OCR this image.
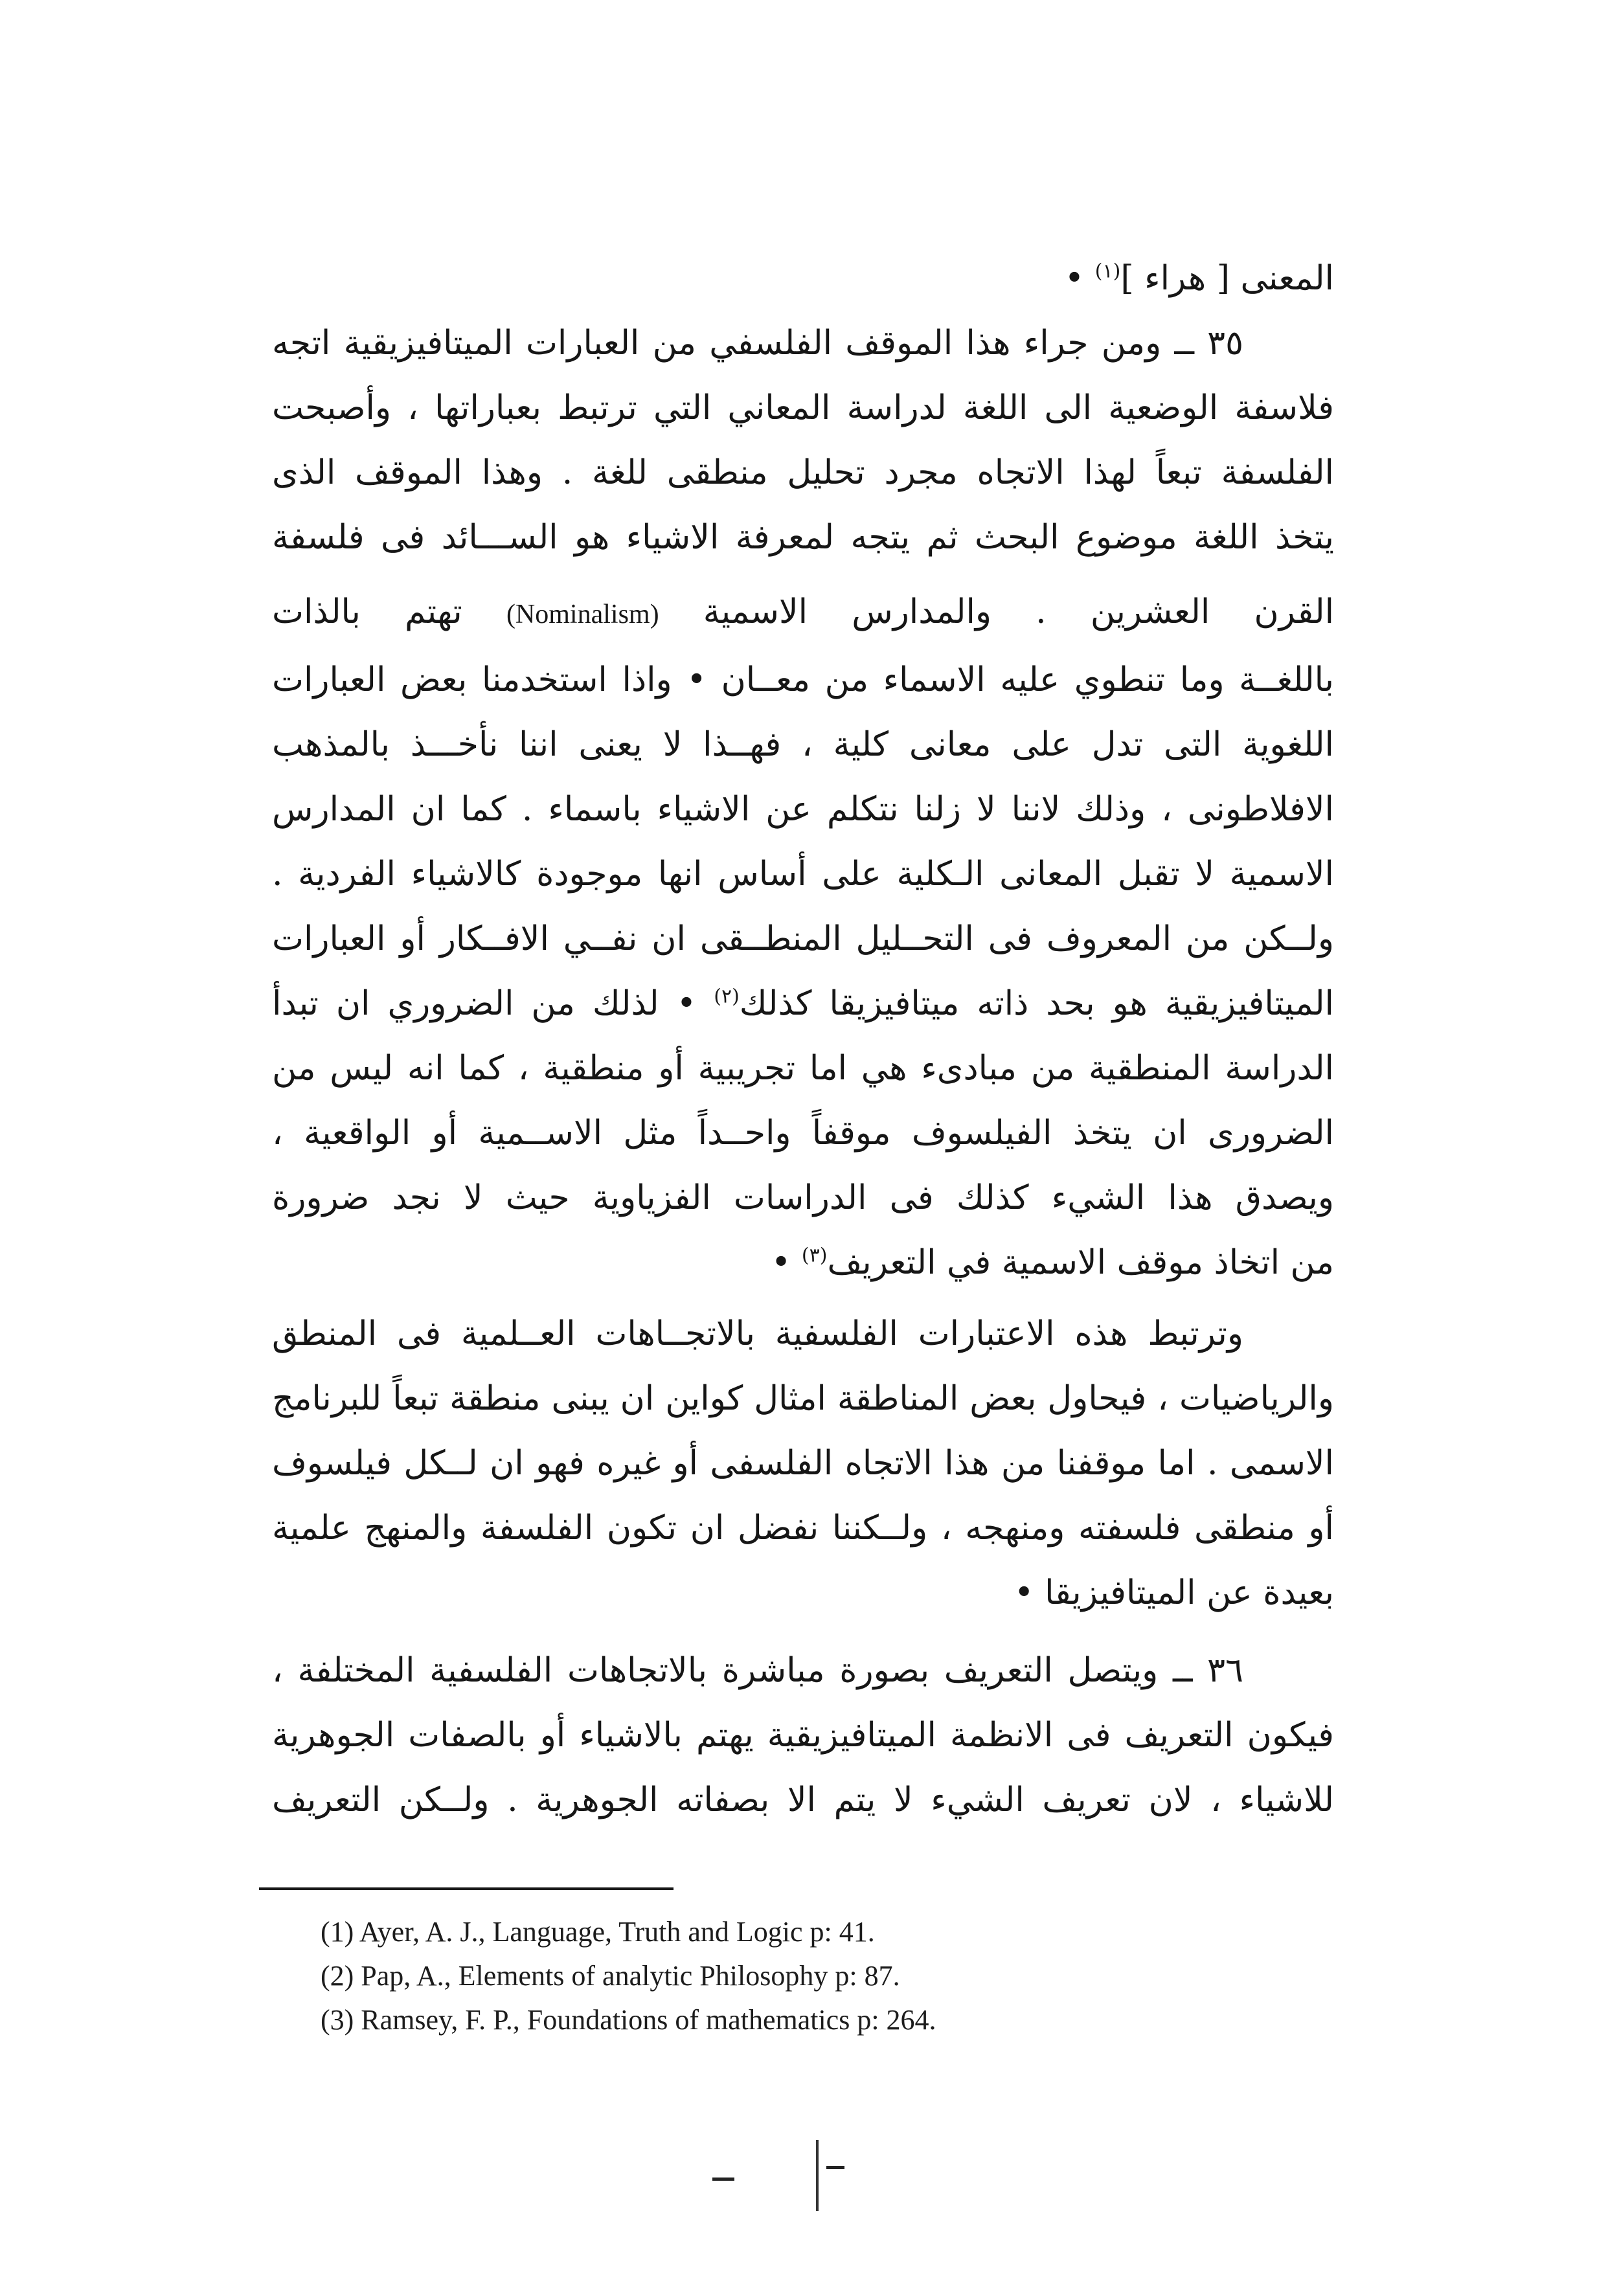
المعنى [ هراء ]$^{(١)}$ •
٣٥ ــ ومن جراء هذا الموقف الفلسفي من العبارات الميتافيزيقية اتجه
فلاسفة الوضعية الى اللغة لدراسة المعاني التي ترتبط بعباراتها ، وأصبحت
الفلسفة تبعاً لهذا الاتجاه مجرد تحليل منطقى للغة . وهذا الموقف الذى
يتخذ اللغة موضوع البحث ثم يتجه لمعرفة الاشياء هو الســـائد فى فلسفة
القرن العشرين . والمدارس الاسمية (Nominalism) تهتم بالذات
باللغــة وما تنطوي عليه الاسماء من معــان • واذا استخدمنا بعض العبارات
اللغوية التى تدل على معانى كلية ، فهــذا لا يعنى اننا نأخـــذ بالمذهب
الافلاطونى ، وذلك لاننا لا زلنا نتكلم عن الاشياء باسماء . كما ان المدارس
الاسمية لا تقبل المعانى الـكلية على أساس انها موجودة كالاشياء الفردية .
ولــكن من المعروف فى التحــليل المنطــقى ان نفــي الافــكار أو العبارات
الميتافيزيقية هو بحد ذاته ميتافيزيقا كذلك$^{(٢)}$ • لذلك من الضروري ان تبدأ
الدراسة المنطقية من مبادىء هي اما تجريبية أو منطقية ، كما انه ليس من
الضرورى ان يتخذ الفيلسوف موقفاً واحــداً مثل الاســمية أو الواقعية ،
ويصدق هذا الشيء كذلك فى الدراسات الفزياوية حيث لا نجد ضرورة
من اتخاذ موقف الاسمية في التعريف$^{(٣)}$ •
وترتبط هذه الاعتبارات الفلسفية بالاتجــاهات العــلمية فى المنطق
والرياضيات ، فيحاول بعض المناطقة امثال كواين ان يبنى منطقة تبعاً للبرنامج
الاسمى . اما موقفنا من هذا الاتجاه الفلسفى أو غيره فهو ان لــكل فيلسوف
أو منطقى فلسفته ومنهجه ، ولــكننا نفضل ان تكون الفلسفة والمنهج علمية
بعيدة عن الميتافيزيقا •
٣٦ ــ ويتصل التعريف بصورة مباشرة بالاتجاهات الفلسفية المختلفة ،
فيكون التعريف فى الانظمة الميتافيزيقية يهتم بالاشياء أو بالصفات الجوهرية
للاشياء ، لان تعريف الشيء لا يتم الا بصفاته الجوهرية . ولــكن التعريف
(1) Ayer, A. J., Language, Truth and Logic p: 41.
(2) Pap, A., Elements of analytic Philosophy p: 87.
(3) Ramsey, F. P., Foundations of mathematics p: 264.
